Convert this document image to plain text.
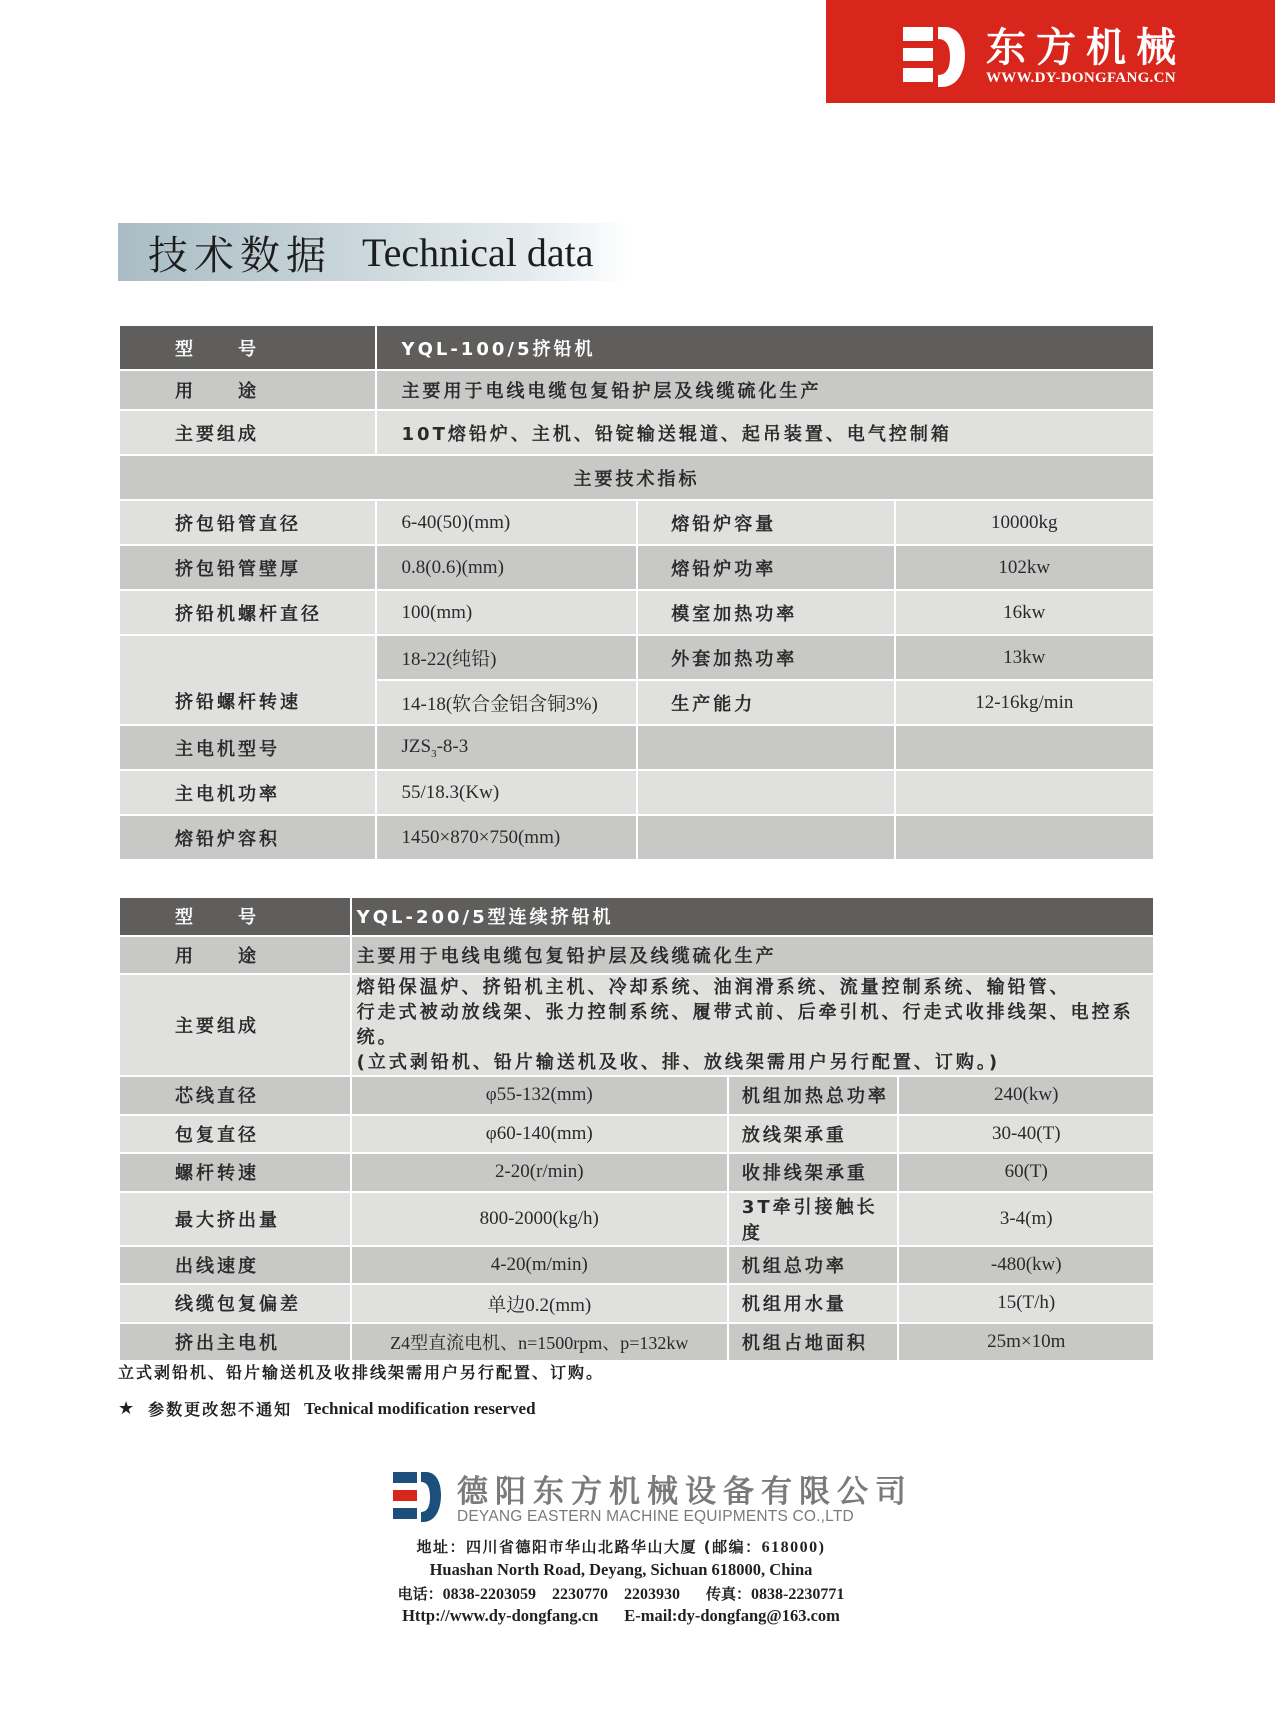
东方机械
WWW.DY-DONGFANG.CN
技术数据 Technical data
型　　号	YQL-100/5挤铅机		
用　　途	主要用于电线电缆包复铅护层及线缆硫化生产		
主要组成	10T熔铅炉、主机、铅锭输送辊道、起吊装置、电气控制箱		
主要技术指标			
挤包铅管直径	6-40(50)(mm)	熔铅炉容量	10000kg
挤包铅管壁厚	0.8(0.6)(mm)	熔铅炉功率	102kw
挤铅机螺杆直径	100(mm)	模室加热功率	16kw
挤铅螺杆转速	18-22(纯铅)	外套加热功率	13kw
	14-18(软合金铝含铜3%)	生产能力	12-16kg/min
主电机型号	$JZS_3-8-3$		
主电机功率	55/18.3(Kw)		
熔铅炉容积	1450×870×750(mm)		
型　　号	YQL-200/5型连续挤铅机		
用　　途	主要用于电线电缆包复铅护层及线缆硫化生产		
主要组成	熔铅保温炉、挤铅机主机、冷却系统、油润滑系统、流量控制系统、输铅管、
行走式被动放线架、张力控制系统、履带式前、后牵引机、行走式收排线架、电控系统。
(立式剥铅机、铅片输送机及收、排、放线架需用户另行配置、订购。)		

芯线直径	φ55-132(mm)	机组加热总功率	240(kw)
包复直径	φ60-140(mm)	放线架承重	30-40(T)
螺杆转速	2-20(r/min)	收排线架承重	60(T)
最大挤出量	800-2000(kg/h)	3T牵引接触长度	3-4(m)
出线速度	4-20(m/min)	机组总功率	-480(kw)
线缆包复偏差	单边0.2(mm)	机组用水量	15(T/h)
挤出主电机	Z4型直流电机、n=1500rpm、p=132kw	机组占地面积	25m×10m
立式剥铅机、铅片输送机及收排线架需用户另行配置、订购。
★ 参数更改恕不通知 Technical modification reserved
德阳东方机械设备有限公司
DEYANG EASTERN MACHINE EQUIPMENTS CO.,LTD
地址：四川省德阳市华山北路华山大厦 (邮编：618000)
Huashan North Road, Deyang, Sichuan 618000, China
电话：0838-2203059 2230770 2203930 传真：0838-2230771
Http://www.dy-dongfang.cn E-mail:dy-dongfang@163.com
